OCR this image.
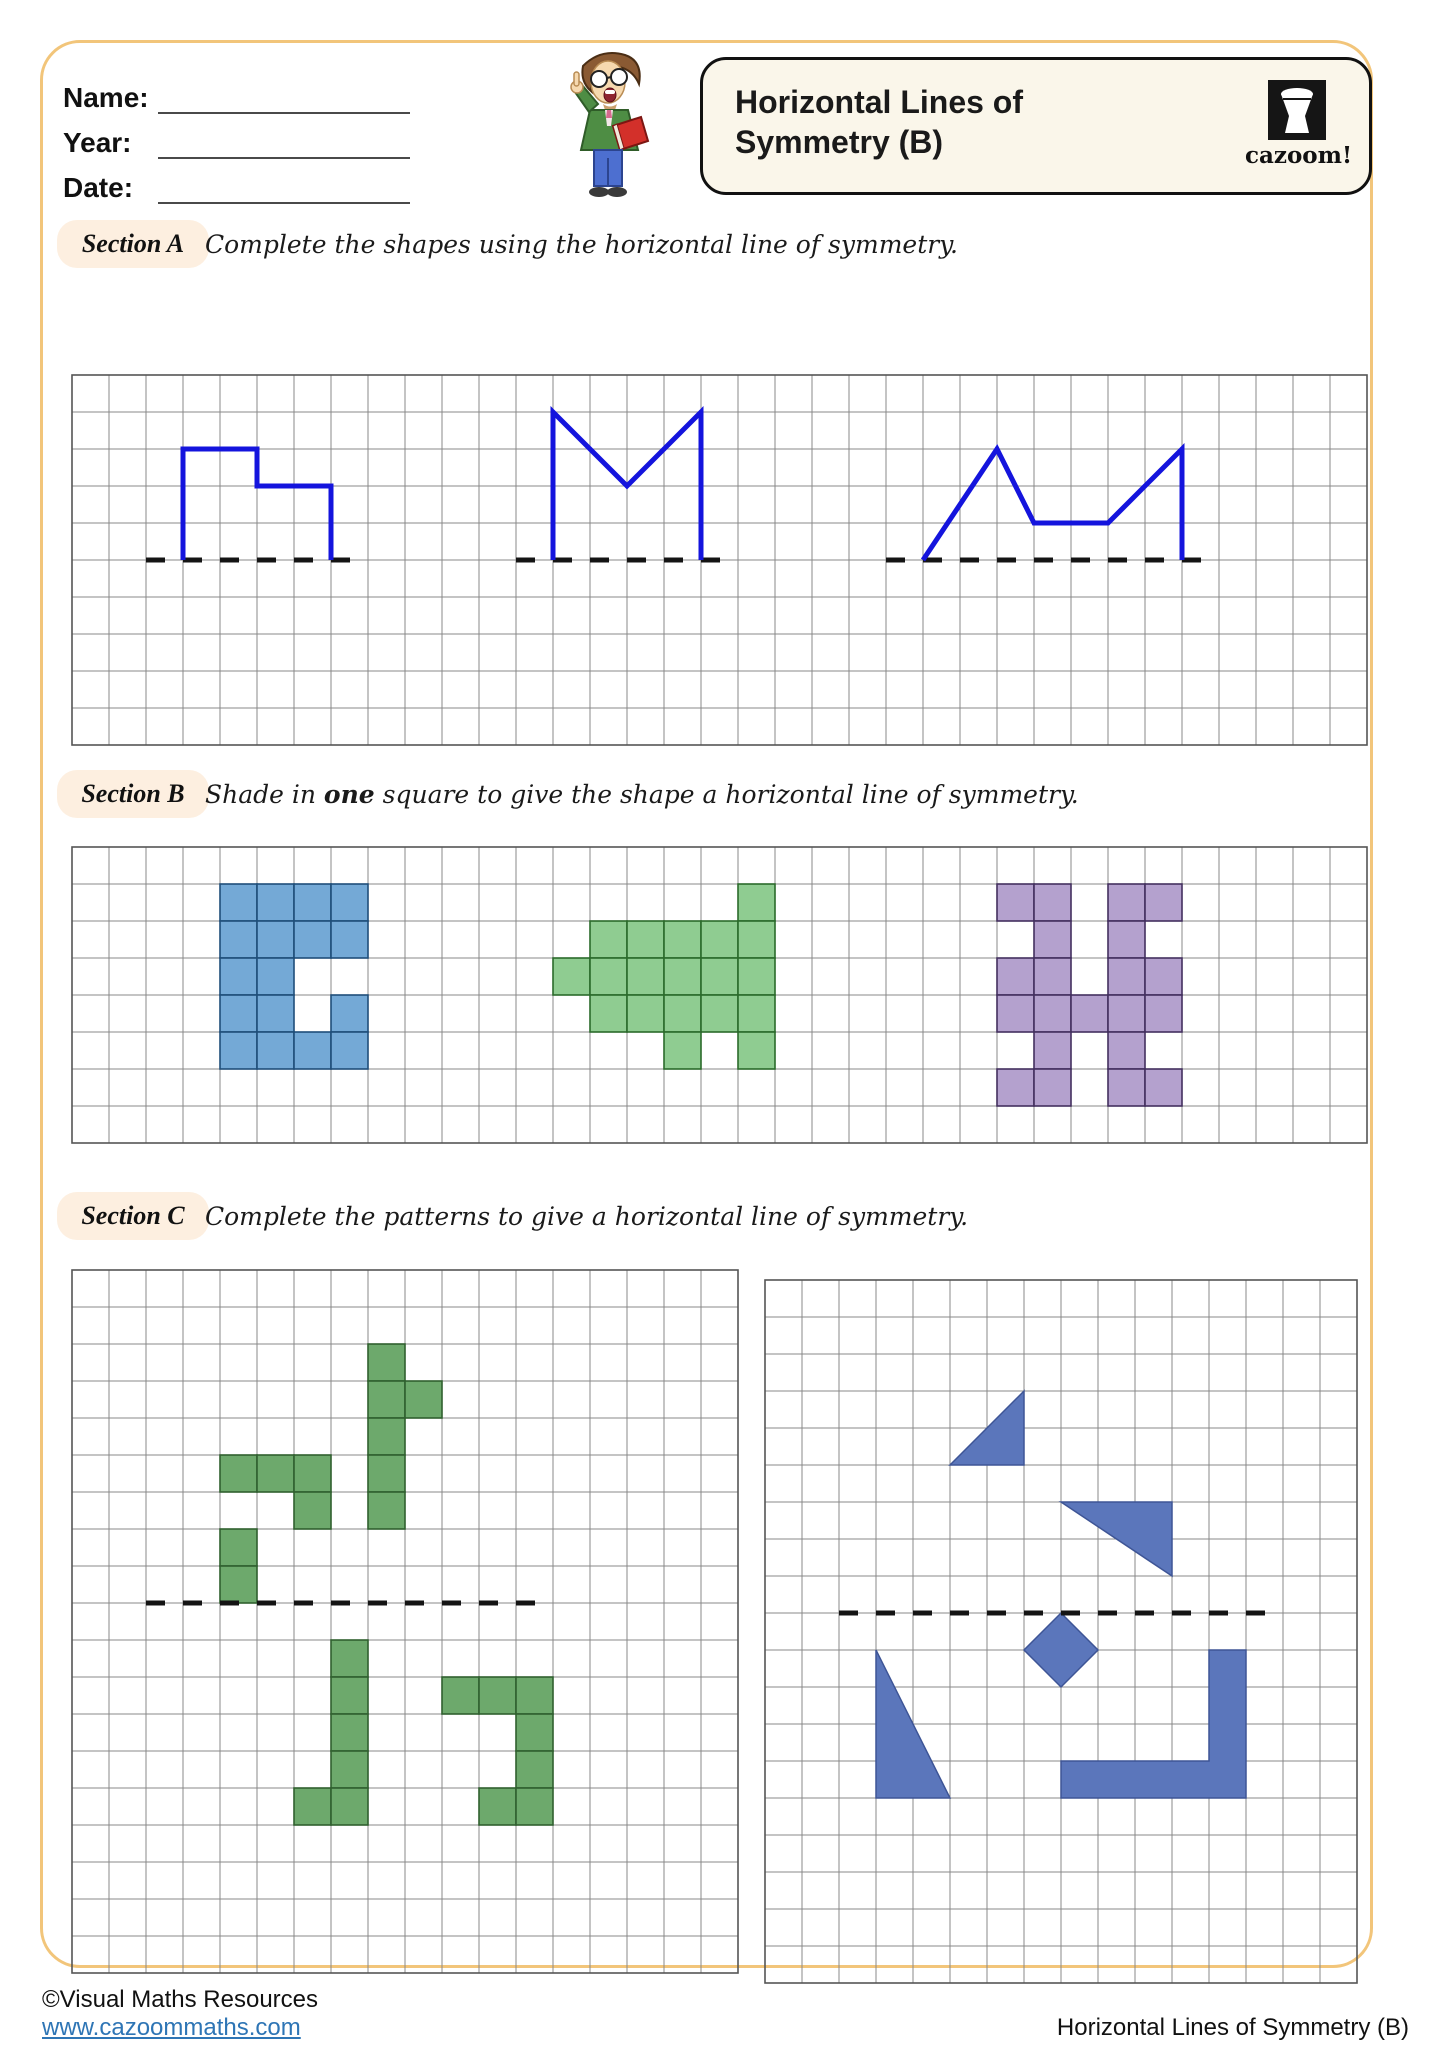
Name:
Year:
Date:
Horizontal Lines of
Symmetry (B)	cazoom!
Section A Complete the shapes using the horizontal line of symmetry.
Section B Shade in one square to give the shape a horizontal line of symmetry.
Section C Complete the patterns to give a horizontal line of symmetry.
©Visual Maths Resources
www.cazoommaths.com	Horizontal Lines of Symmetry (B)
